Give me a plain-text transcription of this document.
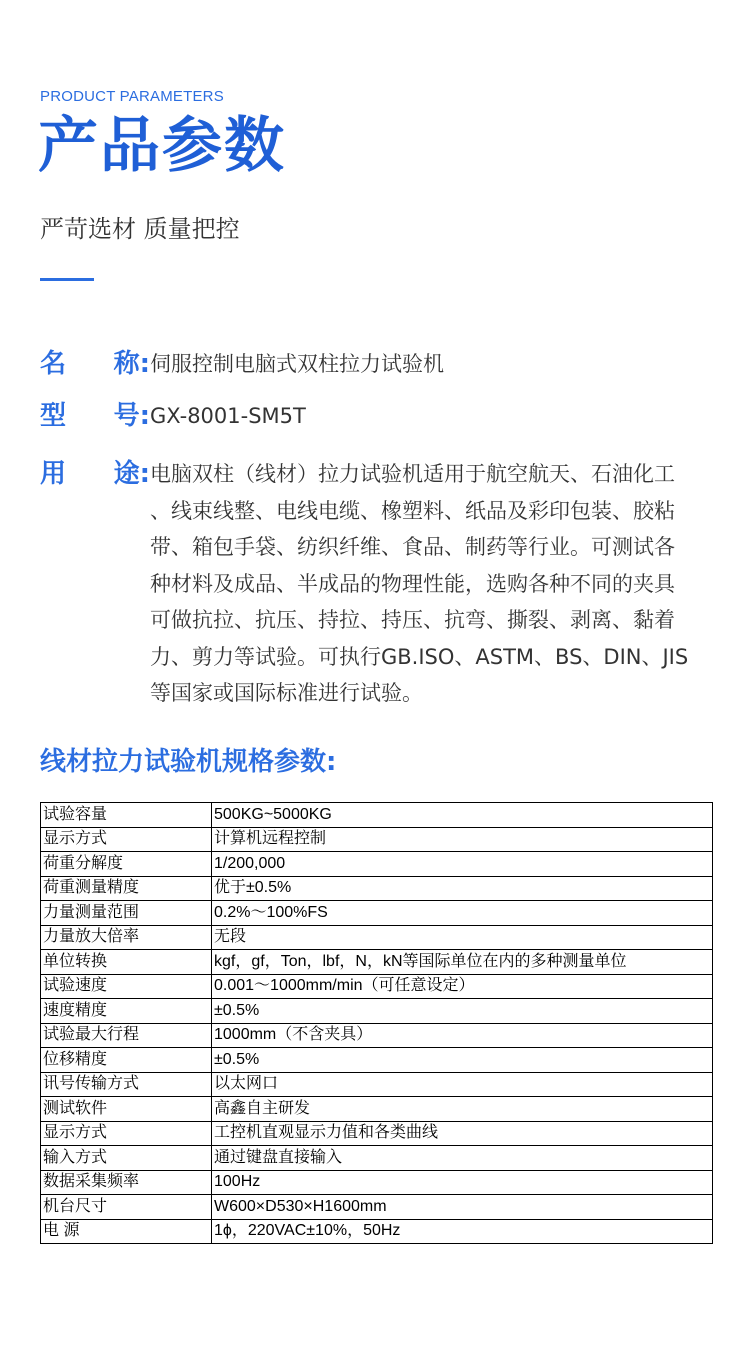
PRODUCT PARAMETERS
产品参数
严苛选材 质量把控
名 称: 伺服控制电脑式双柱拉力试验机
型 号: GX-8001-SM5T
用 途: 电脑双柱（线材）拉力试验机适用于航空航天、石油化工
、线束线整、电线电缆、橡塑料、纸品及彩印包装、胶粘
带、箱包手袋、纺织纤维、食品、制药等行业。可测试各
种材料及成品、半成品的物理性能，选购各种不同的夹具
可做抗拉、抗压、持拉、持压、抗弯、撕裂、剥离、黏着
力、剪力等试验。可执行GB.ISO、ASTM、BS、DIN、JIS
等国家或国际标准进行试验。
线材拉力试验机规格参数:
试验容量	500KG~5000KG
显示方式	计算机远程控制
荷重分解度	1/200,000
荷重测量精度	优于±0.5%
力量测量范围	0.2%～100%FS
力量放大倍率	无段
单位转换	kgf，gf，Ton，lbf，N，kN等国际单位在内的多种测量单位
试验速度	0.001～1000mm/min（可任意设定）
速度精度	±0.5%
试验最大行程	1000mm（不含夹具）
位移精度	±0.5%
讯号传输方式	以太网口
测试软件	高鑫自主研发
显示方式	工控机直观显示力值和各类曲线
输入方式	通过键盘直接输入
数据采集频率	100Hz
机台尺寸	W600×D530×H1600mm
电 源	1ϕ，220VAC±10%，50Hz
